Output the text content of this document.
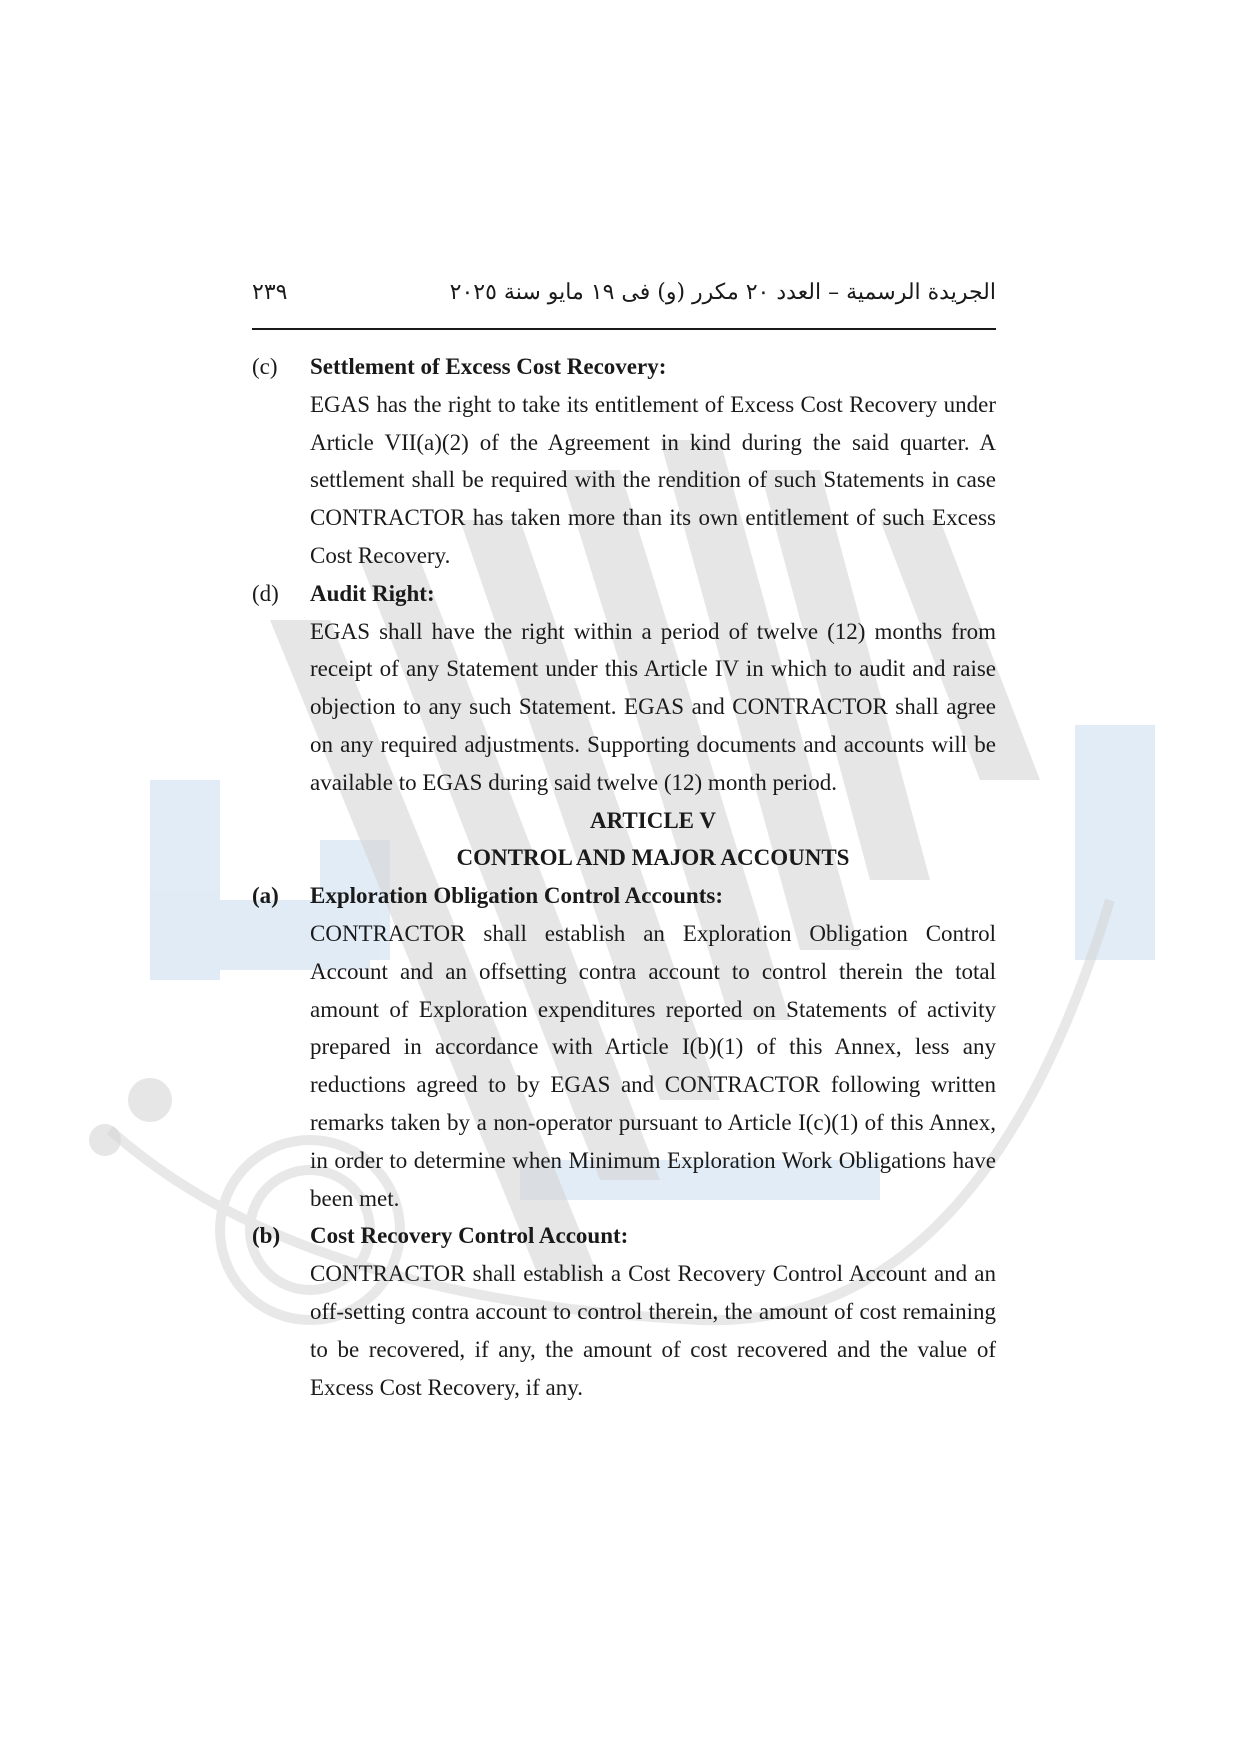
الجريدة الرسمية – العدد ٢٠ مكرر (و) فى ١٩ مايو سنة ٢٠٢٥
٢٣٩
(c)	Settlement of Excess Cost Recovery:
EGAS has the right to take its entitlement of Excess Cost Recovery under Article VII(a)(2) of the Agreement in kind during the said quarter. A settlement shall be required with the rendition of such Statements in case CONTRACTOR has taken more than its own entitlement of such Excess Cost Recovery.
(d)	Audit Right:
EGAS shall have the right within a period of twelve (12) months from receipt of any Statement under this Article IV in which to audit and raise objection to any such Statement. EGAS and CONTRACTOR shall agree on any required adjustments. Supporting documents and accounts will be available to EGAS during said twelve (12) month period.
ARTICLE V
CONTROL AND MAJOR ACCOUNTS
(a)	Exploration Obligation Control Accounts:
CONTRACTOR shall establish an Exploration Obligation Control Account and an offsetting contra account to control therein the total amount of Exploration expenditures reported on Statements of activity prepared in accordance with Article I(b)(1) of this Annex, less any reductions agreed to by EGAS and CONTRACTOR following written remarks taken by a non-operator pursuant to Article I(c)(1) of this Annex, in order to determine when Minimum Exploration Work Obligations have been met.
(b)	Cost Recovery Control Account:
CONTRACTOR shall establish a Cost Recovery Control Account and an off-setting contra account to control therein, the amount of cost remaining to be recovered, if any, the amount of cost recovered and the value of Excess Cost Recovery, if any.
